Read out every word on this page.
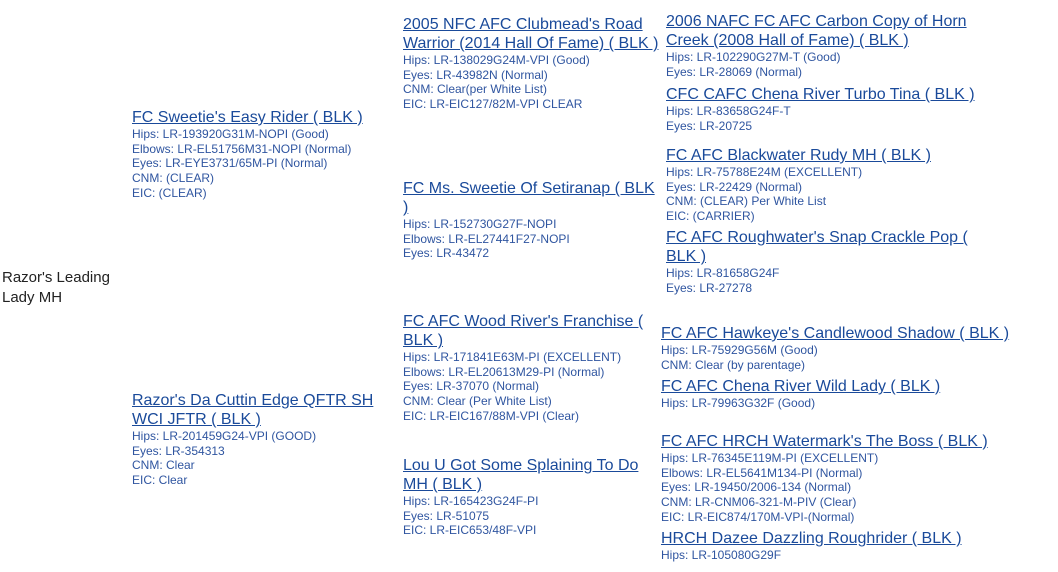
Razor's Leading Lady MH
FC Sweetie's Easy Rider ( BLK )
Hips: LR-193920G31M-NOPI (Good)
Elbows: LR-EL51756M31-NOPI (Normal)
Eyes: LR-EYE3731/65M-PI (Normal)
CNM: (CLEAR)
EIC: (CLEAR)
Razor's Da Cuttin Edge QFTR SH WCI JFTR ( BLK )
Hips: LR-201459G24-VPI (GOOD)
Eyes: LR-354313
CNM: Clear
EIC: Clear
2005 NFC AFC Clubmead's Road Warrior (2014 Hall Of Fame) ( BLK )
Hips: LR-138029G24M-VPI (Good)
Eyes: LR-43982N (Normal)
CNM: Clear(per White List)
EIC: LR-EIC127/82M-VPI CLEAR
FC Ms. Sweetie Of Setiranap ( BLK )
Hips: LR-152730G27F-NOPI
Elbows: LR-EL27441F27-NOPI
Eyes: LR-43472
FC AFC Wood River's Franchise ( BLK )
Hips: LR-171841E63M-PI (EXCELLENT)
Elbows: LR-EL20613M29-PI (Normal)
Eyes: LR-37070 (Normal)
CNM: Clear (Per White List)
EIC: LR-EIC167/88M-VPI (Clear)
Lou U Got Some Splaining To Do MH ( BLK )
Hips: LR-165423G24F-PI
Eyes: LR-51075
EIC: LR-EIC653/48F-VPI
2006 NAFC FC AFC Carbon Copy of Horn Creek (2008 Hall of Fame) ( BLK )
Hips: LR-102290G27M-T (Good)
Eyes: LR-28069 (Normal)
CFC CAFC Chena River Turbo Tina ( BLK )
Hips: LR-83658G24F-T
Eyes: LR-20725
FC AFC Blackwater Rudy MH ( BLK )
Hips: LR-75788E24M (EXCELLENT)
Eyes: LR-22429 (Normal)
CNM: (CLEAR) Per White List
EIC: (CARRIER)
FC AFC Roughwater's Snap Crackle Pop ( BLK )
Hips: LR-81658G24F
Eyes: LR-27278
FC AFC Hawkeye's Candlewood Shadow ( BLK )
Hips: LR-75929G56M (Good)
CNM: Clear (by parentage)
FC AFC Chena River Wild Lady ( BLK )
Hips: LR-79963G32F (Good)
FC AFC HRCH Watermark's The Boss ( BLK )
Hips: LR-76345E119M-PI (EXCELLENT)
Elbows: LR-EL5641M134-PI (Normal)
Eyes: LR-19450/2006-134 (Normal)
CNM: LR-CNM06-321-M-PIV (Clear)
EIC: LR-EIC874/170M-VPI-(Normal)
HRCH Dazee Dazzling Roughrider ( BLK )
Hips: LR-105080G29F
